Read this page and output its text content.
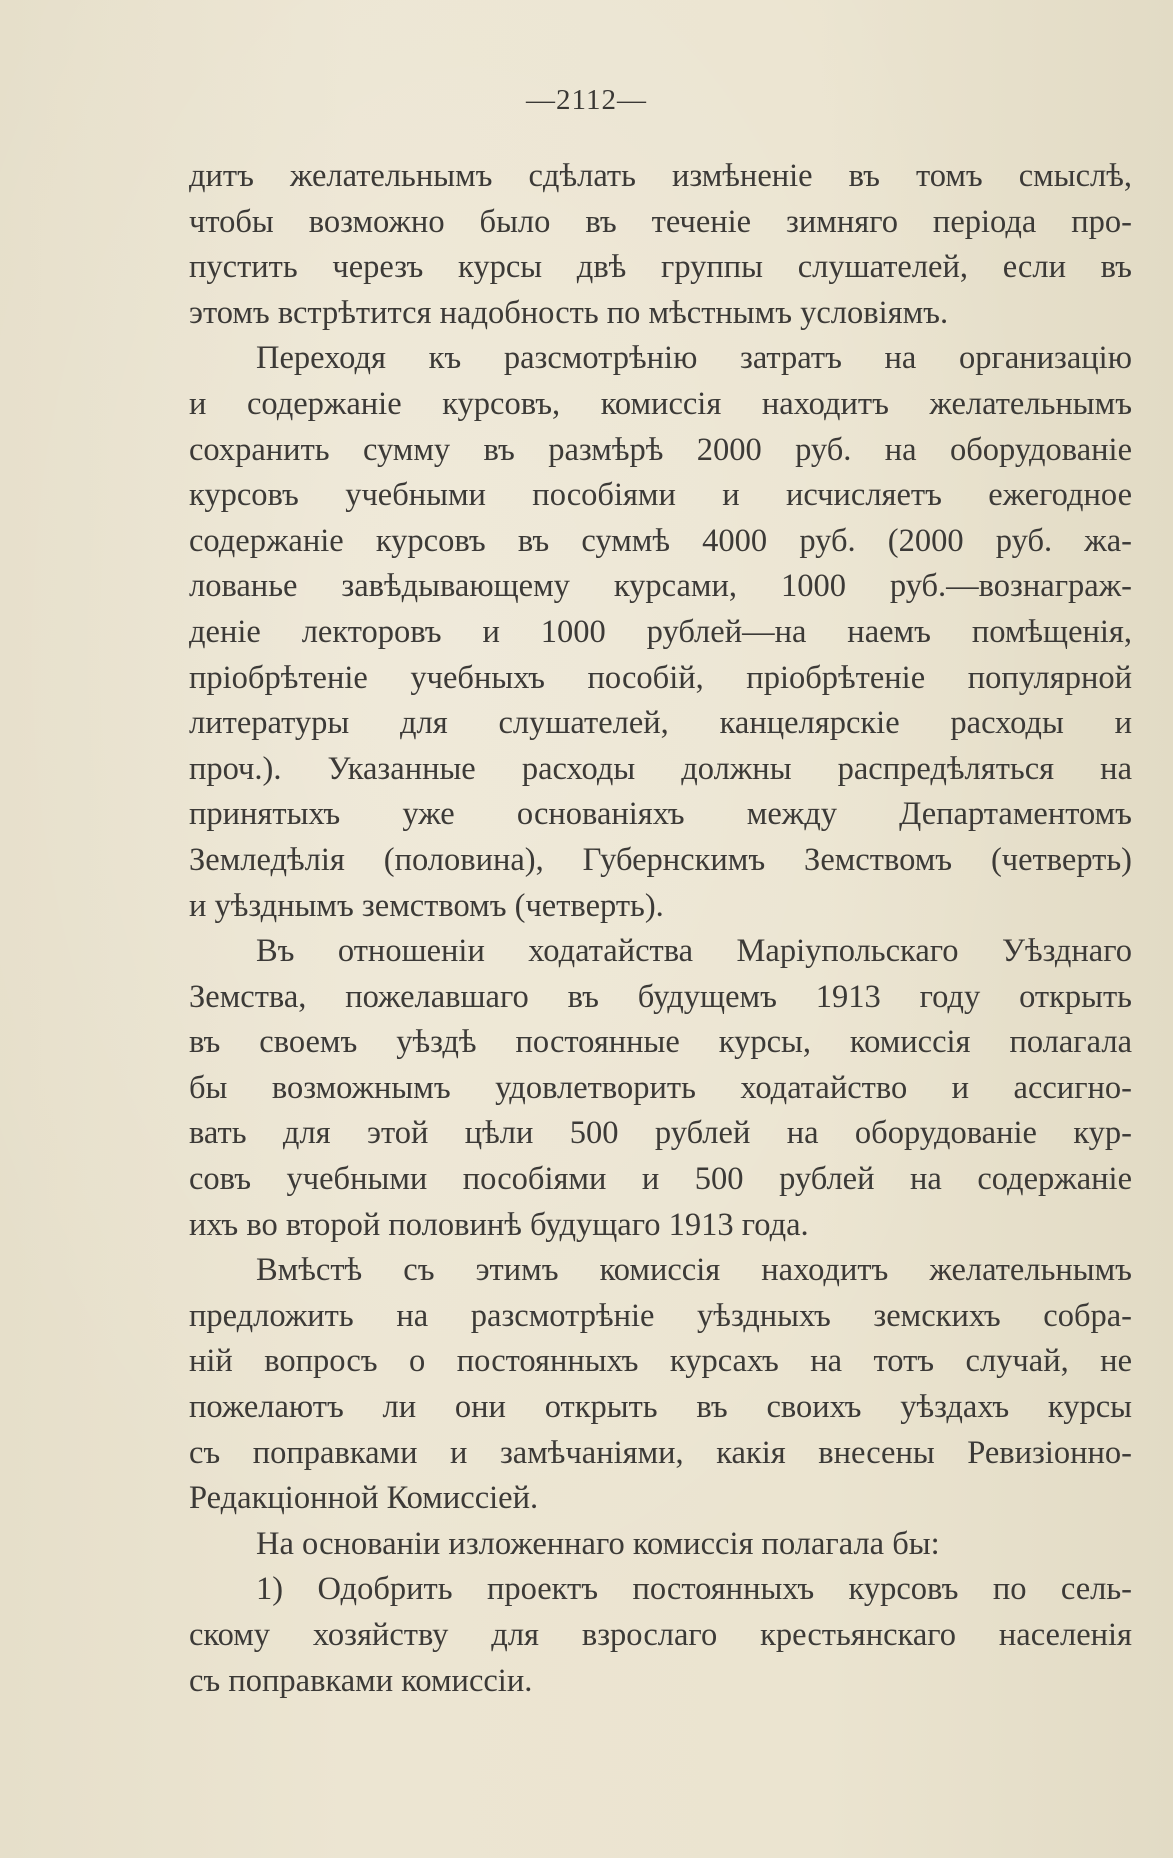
—2112—
дитъ желательнымъ сдѣлать измѣненіе въ томъ смыслѣ,
чтобы возможно было въ теченіе зимняго періода про-
пустить черезъ курсы двѣ группы слушателей, если въ
этомъ встрѣтится надобность по мѣстнымъ условіямъ.
Переходя къ разсмотрѣнію затратъ на организацію
и содержаніе курсовъ, комиссія находитъ желательнымъ
сохранить сумму въ размѣрѣ 2000 руб. на оборудованіе
курсовъ учебными пособіями и исчисляетъ ежегодное
содержаніе курсовъ въ суммѣ 4000 руб. (2000 руб. жа-
лованье завѣдывающему курсами, 1000 руб.—вознаграж-
деніе лекторовъ и 1000 рублей—на наемъ помѣщенія,
пріобрѣтеніе учебныхъ пособій, пріобрѣтеніе популярной
литературы для слушателей, канцелярскіе расходы и
проч.). Указанные расходы должны распредѣляться на
принятыхъ уже основаніяхъ между Департаментомъ
Земледѣлія (половина), Губернскимъ Земствомъ (четверть)
и уѣзднымъ земствомъ (четверть).
Въ отношеніи ходатайства Маріупольскаго Уѣзднаго
Земства, пожелавшаго въ будущемъ 1913 году открыть
въ своемъ уѣздѣ постоянные курсы, комиссія полагала
бы возможнымъ удовлетворить ходатайство и ассигно-
вать для этой цѣли 500 рублей на оборудованіе кур-
совъ учебными пособіями и 500 рублей на содержаніе
ихъ во второй половинѣ будущаго 1913 года.
Вмѣстѣ съ этимъ комиссія находитъ желательнымъ
предложить на разсмотрѣніе уѣздныхъ земскихъ собра-
ній вопросъ о постоянныхъ курсахъ на тотъ случай, не
пожелаютъ ли они открыть въ своихъ уѣздахъ курсы
съ поправками и замѣчаніями, какія внесены Ревизіонно-
Редакціонной Комиссіей.
На основаніи изложеннаго комиссія полагала бы:
1) Одобрить проектъ постоянныхъ курсовъ по сель-
скому хозяйству для взрослаго крестьянскаго населенія
съ поправками комиссіи.
